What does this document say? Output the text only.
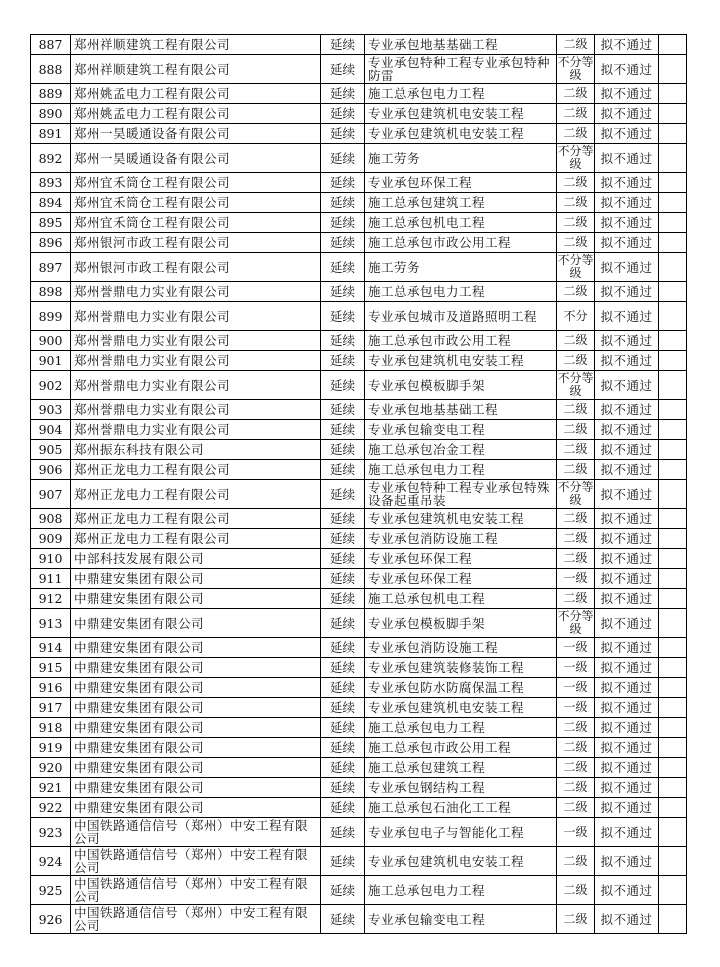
887	郑州祥顺建筑工程有限公司	延续	专业承包地基基础工程	二级	拟不通过	
888	郑州祥顺建筑工程有限公司	延续	专业承包特种工程专业承包特种防雷	不分等级	拟不通过	
889	郑州姚孟电力工程有限公司	延续	施工总承包电力工程	二级	拟不通过	
890	郑州姚孟电力工程有限公司	延续	专业承包建筑机电安装工程	二级	拟不通过	
891	郑州一昊暖通设备有限公司	延续	专业承包建筑机电安装工程	二级	拟不通过	
892	郑州一昊暖通设备有限公司	延续	施工劳务	不分等级	拟不通过	
893	郑州宜禾筒仓工程有限公司	延续	专业承包环保工程	二级	拟不通过	
894	郑州宜禾筒仓工程有限公司	延续	施工总承包建筑工程	二级	拟不通过	
895	郑州宜禾筒仓工程有限公司	延续	施工总承包机电工程	二级	拟不通过	
896	郑州银河市政工程有限公司	延续	施工总承包市政公用工程	二级	拟不通过	
897	郑州银河市政工程有限公司	延续	施工劳务	不分等级	拟不通过	
898	郑州誉鼎电力实业有限公司	延续	施工总承包电力工程	二级	拟不通过	
899	郑州誉鼎电力实业有限公司	延续	专业承包城市及道路照明工程	不分	拟不通过	
900	郑州誉鼎电力实业有限公司	延续	施工总承包市政公用工程	二级	拟不通过	
901	郑州誉鼎电力实业有限公司	延续	专业承包建筑机电安装工程	二级	拟不通过	
902	郑州誉鼎电力实业有限公司	延续	专业承包模板脚手架	不分等级	拟不通过	
903	郑州誉鼎电力实业有限公司	延续	专业承包地基基础工程	二级	拟不通过	
904	郑州誉鼎电力实业有限公司	延续	专业承包输变电工程	二级	拟不通过	
905	郑州振东科技有限公司	延续	施工总承包冶金工程	二级	拟不通过	
906	郑州正龙电力工程有限公司	延续	施工总承包电力工程	二级	拟不通过	
907	郑州正龙电力工程有限公司	延续	专业承包特种工程专业承包特殊设备起重吊装	不分等级	拟不通过	
908	郑州正龙电力工程有限公司	延续	专业承包建筑机电安装工程	二级	拟不通过	
909	郑州正龙电力工程有限公司	延续	专业承包消防设施工程	二级	拟不通过	
910	中部科技发展有限公司	延续	专业承包环保工程	二级	拟不通过	
911	中鼎建安集团有限公司	延续	专业承包环保工程	一级	拟不通过	
912	中鼎建安集团有限公司	延续	施工总承包机电工程	二级	拟不通过	
913	中鼎建安集团有限公司	延续	专业承包模板脚手架	不分等级	拟不通过	
914	中鼎建安集团有限公司	延续	专业承包消防设施工程	一级	拟不通过	
915	中鼎建安集团有限公司	延续	专业承包建筑装修装饰工程	一级	拟不通过	
916	中鼎建安集团有限公司	延续	专业承包防水防腐保温工程	一级	拟不通过	
917	中鼎建安集团有限公司	延续	专业承包建筑机电安装工程	一级	拟不通过	
918	中鼎建安集团有限公司	延续	施工总承包电力工程	二级	拟不通过	
919	中鼎建安集团有限公司	延续	施工总承包市政公用工程	二级	拟不通过	
920	中鼎建安集团有限公司	延续	施工总承包建筑工程	二级	拟不通过	
921	中鼎建安集团有限公司	延续	专业承包钢结构工程	二级	拟不通过	
922	中鼎建安集团有限公司	延续	施工总承包石油化工工程	二级	拟不通过	
923	中国铁路通信信号（郑州）中安工程有限公司	延续	专业承包电子与智能化工程	一级	拟不通过	
924	中国铁路通信信号（郑州）中安工程有限公司	延续	专业承包建筑机电安装工程	二级	拟不通过	
925	中国铁路通信信号（郑州）中安工程有限公司	延续	施工总承包电力工程	二级	拟不通过	
926	中国铁路通信信号（郑州）中安工程有限公司	延续	专业承包输变电工程	二级	拟不通过	
